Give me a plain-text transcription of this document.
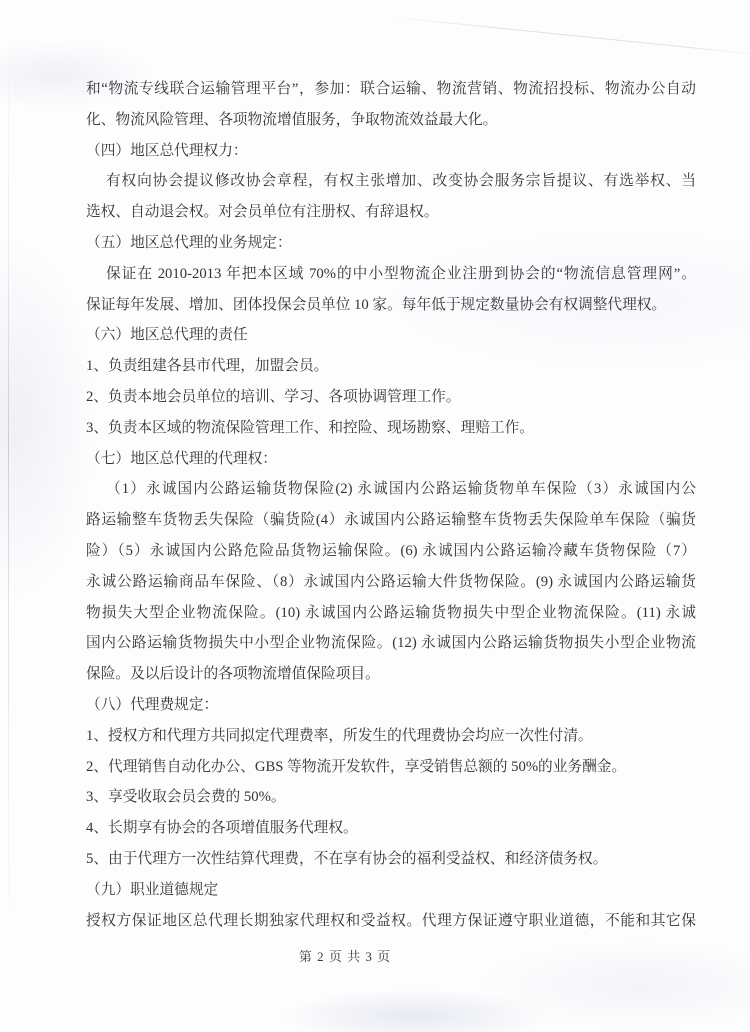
和“物流专线联合运输管理平台”，参加：联合运输、物流营销、物流招投标、物流办公自动
化、物流风险管理、各项物流增值服务，争取物流效益最大化。
（四）地区总代理权力：
有权向协会提议修改协会章程，有权主张增加、改变协会服务宗旨提议、有选举权、当
选权、自动退会权。对会员单位有注册权、有辞退权。
（五）地区总代理的业务规定：
保证在 2010-2013 年把本区域 70%的中小型物流企业注册到协会的“物流信息管理网”。
保证每年发展、增加、团体投保会员单位 10 家。每年低于规定数量协会有权调整代理权。
（六）地区总代理的责任
1、负责组建各县市代理，加盟会员。
2、负责本地会员单位的培训、学习、各项协调管理工作。
3、负责本区域的物流保险管理工作、和控险、现场勘察、理赔工作。
（七）地区总代理的代理权：
（1）永诚国内公路运输货物保险(2) 永诚国内公路运输货物单车保险（3）永诚国内公
路运输整车货物丢失保险（骗货险(4）永诚国内公路运输整车货物丢失保险单车保险（骗货
险）（5）永诚国内公路危险品货物运输保险。(6) 永诚国内公路运输冷藏车货物保险（7）
永诚公路运输商品车保险、（8）永诚国内公路运输大件货物保险。(9) 永诚国内公路运输货
物损失大型企业物流保险。(10) 永诚国内公路运输货物损失中型企业物流保险。(11) 永诚
国内公路运输货物损失中小型企业物流保险。(12) 永诚国内公路运输货物损失小型企业物流
保险。及以后设计的各项物流增值保险项目。
（八）代理费规定：
1、授权方和代理方共同拟定代理费率，所发生的代理费协会均应一次性付清。
2、代理销售自动化办公、GBS 等物流开发软件，享受销售总额的 50%的业务酬金。
3、享受收取会员会费的 50%。
4、长期享有协会的各项增值服务代理权。
5、由于代理方一次性结算代理费，不在享有协会的福利受益权、和经济债务权。
（九）职业道德规定
授权方保证地区总代理长期独家代理权和受益权。代理方保证遵守职业道德，不能和其它保
第 2 页 共 3 页
